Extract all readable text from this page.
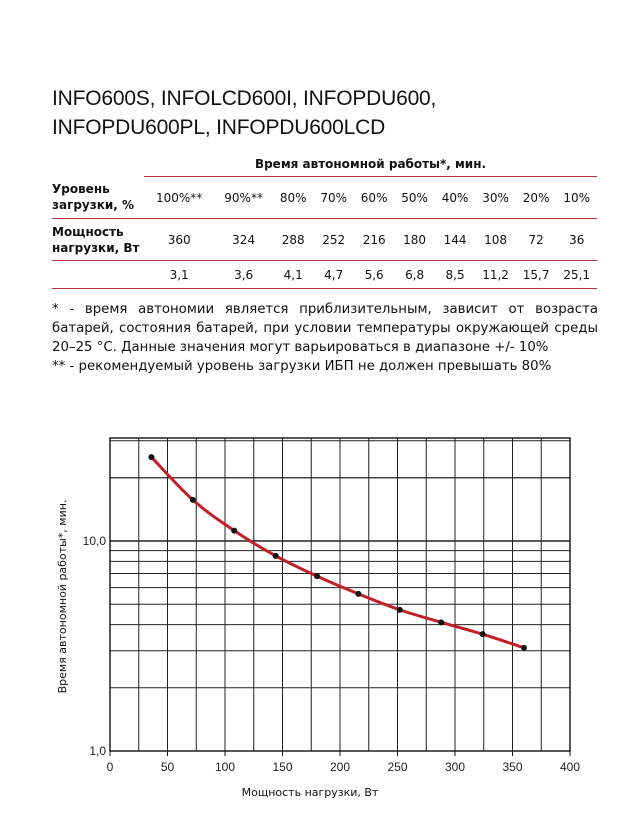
INFO600S, INFOLCD600I, INFOPDU600,
INFOPDU600PL, INFOPDU600LCD
	Время автономной работы*, мин.									
Уровень загрузки, %	100%**	90%**	80%	70%	60%	50%	40%	30%	20%	10%
Мощность нагрузки, Вт	360	324	288	252	216	180	144	108	72	36
	3,1	3,6	4,1	4,7	5,6	6,8	8,5	11,2	15,7	25,1

* - время автономии является приблизительным, зависит от возраста батарей, состояния батарей, при условии температуры окружающей среды 20–25 °С. Данные значения могут варьироваться в диапазоне +/- 10%

** - рекомендуемый уровень загрузки ИБП не должен превышать 80%

0	50	100	150	200	250	300	350	400
1,0
10,0
Мощность нагрузки, Вт
Время автономной работы*, мин.
